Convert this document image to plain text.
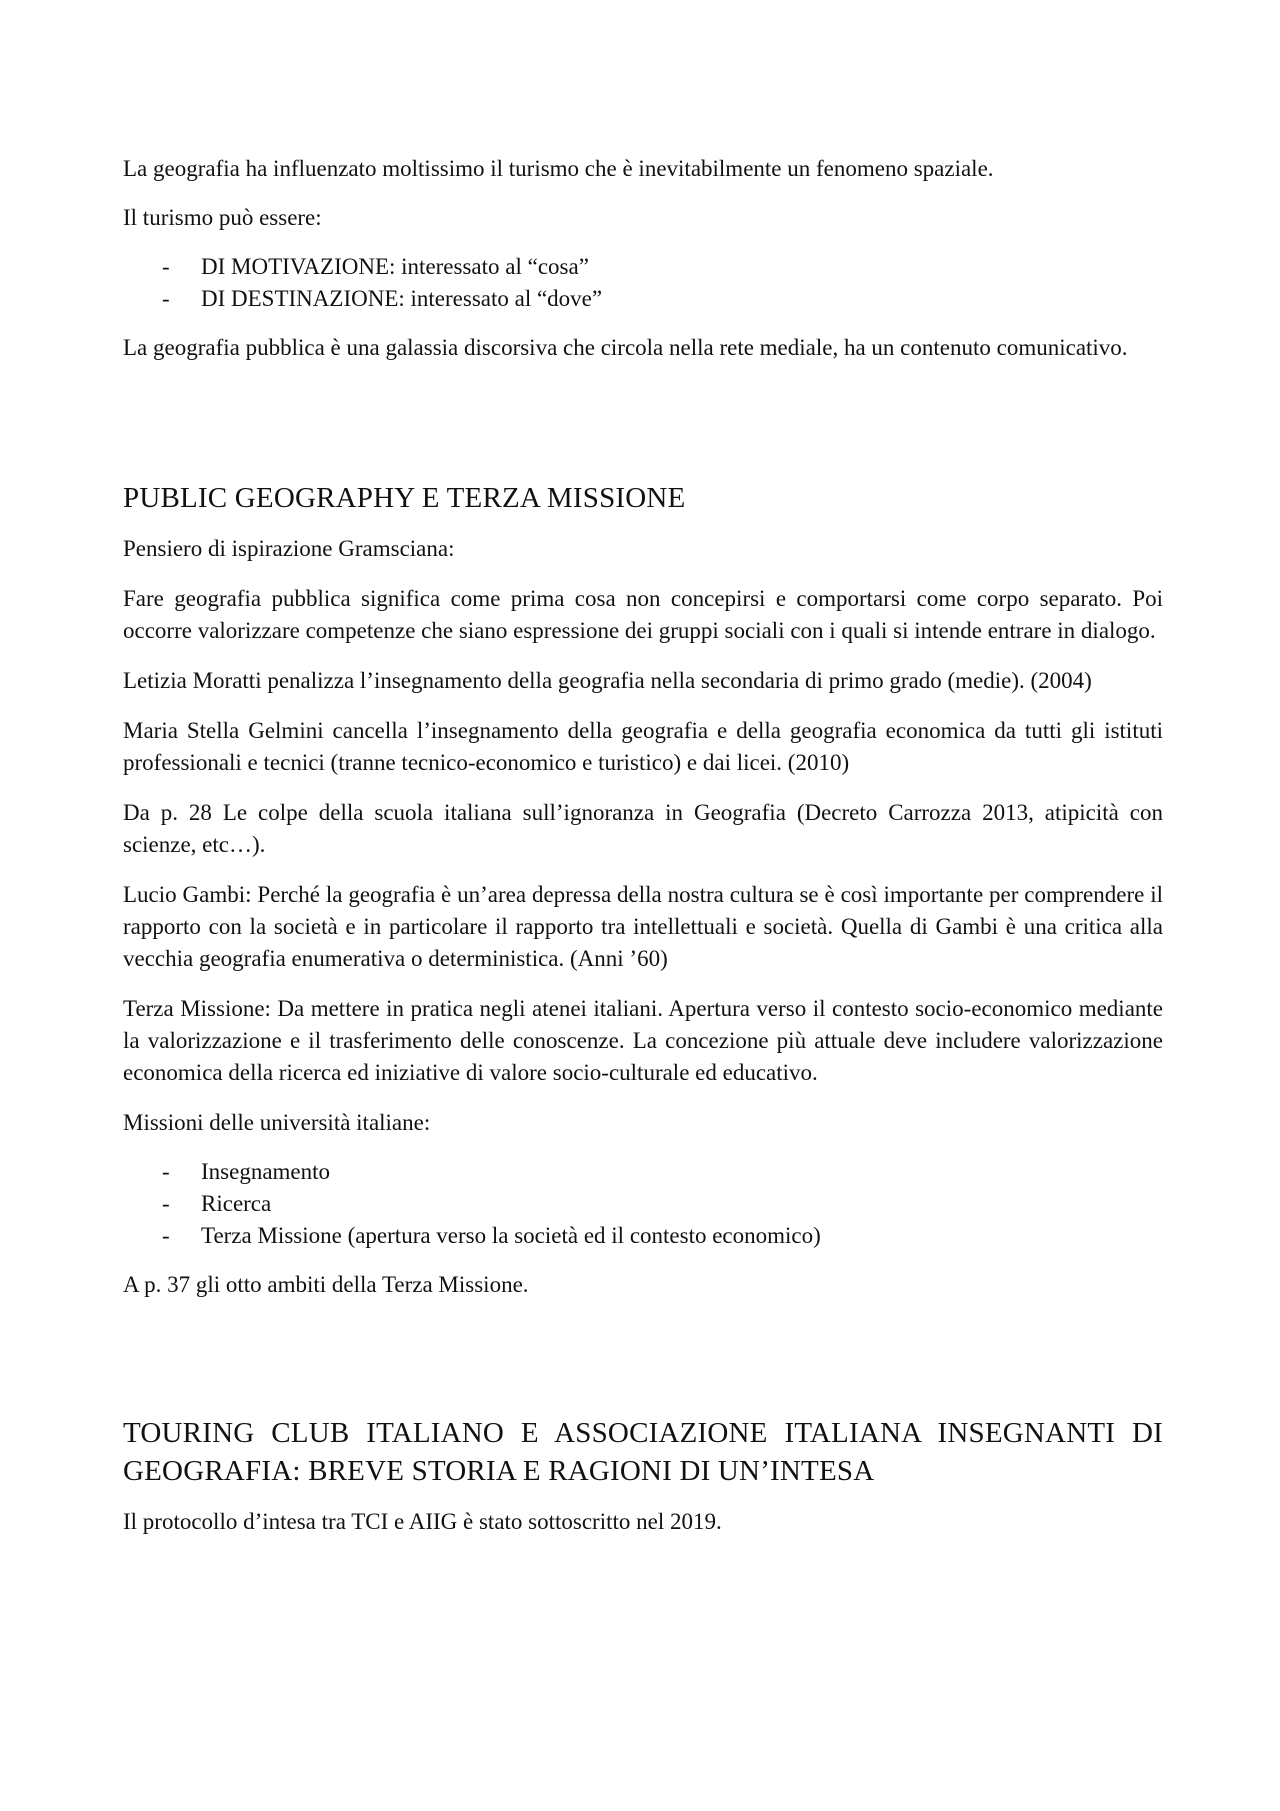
La geografia ha influenzato moltissimo il turismo che è inevitabilmente un fenomeno spaziale.

Il turismo può essere:

- DI MOTIVAZIONE: interessato al “cosa”
- DI DESTINAZIONE: interessato al “dove”

La geografia pubblica è una galassia discorsiva che circola nella rete mediale, ha un contenuto comunicativo.

PUBLIC GEOGRAPHY E TERZA MISSIONE

Pensiero di ispirazione Gramsciana:

Fare geografia pubblica significa come prima cosa non concepirsi e comportarsi come corpo separato. Poi occorre valorizzare competenze che siano espressione dei gruppi sociali con i quali si intende entrare in dialogo.

Letizia Moratti penalizza l’insegnamento della geografia nella secondaria di primo grado (medie). (2004)

Maria Stella Gelmini cancella l’insegnamento della geografia e della geografia economica da tutti gli istituti professionali e tecnici (tranne tecnico-economico e turistico) e dai licei. (2010)

Da p. 28 Le colpe della scuola italiana sull’ignoranza in Geografia (Decreto Carrozza 2013, atipicità con scienze, etc…).

Lucio Gambi: Perché la geografia è un’area depressa della nostra cultura se è così importante per comprendere il rapporto con la società e in particolare il rapporto tra intellettuali e società. Quella di Gambi è una critica alla vecchia geografia enumerativa o deterministica. (Anni ’60)

Terza Missione: Da mettere in pratica negli atenei italiani. Apertura verso il contesto socio-economico mediante la valorizzazione e il trasferimento delle conoscenze. La concezione più attuale deve includere valorizzazione economica della ricerca ed iniziative di valore socio-culturale ed educativo.

Missioni delle università italiane:

- Insegnamento
- Ricerca
- Terza Missione (apertura verso la società ed il contesto economico)

A p. 37 gli otto ambiti della Terza Missione.

TOURING CLUB ITALIANO E ASSOCIAZIONE ITALIANA INSEGNANTI DI GEOGRAFIA: BREVE STORIA E RAGIONI DI UN’INTESA

Il protocollo d’intesa tra TCI e AIIG è stato sottoscritto nel 2019.
